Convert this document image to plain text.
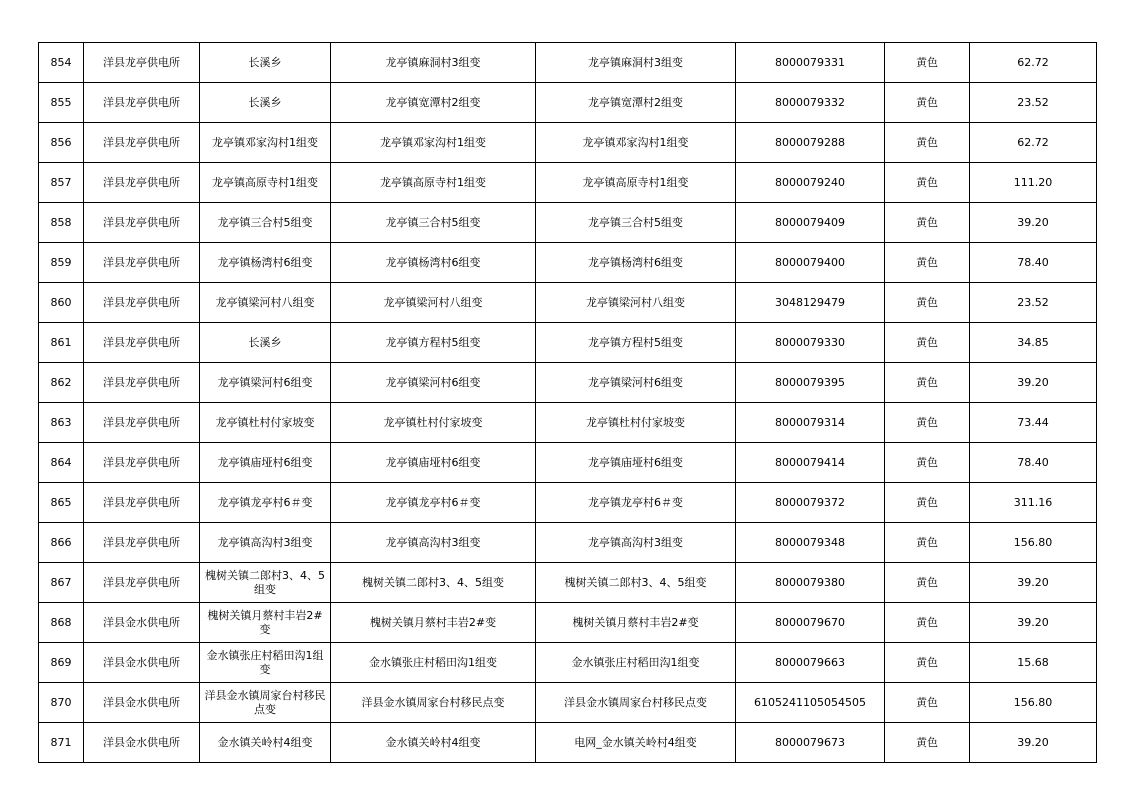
854	洋县龙亭供电所	长溪乡	龙亭镇麻洞村3组变	龙亭镇麻洞村3组变	8000079331	黄色	62.72
855	洋县龙亭供电所	长溪乡	龙亭镇宽潭村2组变	龙亭镇宽潭村2组变	8000079332	黄色	23.52
856	洋县龙亭供电所	龙亭镇邓家沟村1组变	龙亭镇邓家沟村1组变	龙亭镇邓家沟村1组变	8000079288	黄色	62.72
857	洋县龙亭供电所	龙亭镇高原寺村1组变	龙亭镇高原寺村1组变	龙亭镇高原寺村1组变	8000079240	黄色	111.20
858	洋县龙亭供电所	龙亭镇三合村5组变	龙亭镇三合村5组变	龙亭镇三合村5组变	8000079409	黄色	39.20
859	洋县龙亭供电所	龙亭镇杨湾村6组变	龙亭镇杨湾村6组变	龙亭镇杨湾村6组变	8000079400	黄色	78.40
860	洋县龙亭供电所	龙亭镇梁河村八组变	龙亭镇梁河村八组变	龙亭镇梁河村八组变	3048129479	黄色	23.52
861	洋县龙亭供电所	长溪乡	龙亭镇方程村5组变	龙亭镇方程村5组变	8000079330	黄色	34.85
862	洋县龙亭供电所	龙亭镇梁河村6组变	龙亭镇梁河村6组变	龙亭镇梁河村6组变	8000079395	黄色	39.20
863	洋县龙亭供电所	龙亭镇杜村付家坡变	龙亭镇杜村付家坡变	龙亭镇杜村付家坡变	8000079314	黄色	73.44
864	洋县龙亭供电所	龙亭镇庙垭村6组变	龙亭镇庙垭村6组变	龙亭镇庙垭村6组变	8000079414	黄色	78.40
865	洋县龙亭供电所	龙亭镇龙亭村6＃变	龙亭镇龙亭村6＃变	龙亭镇龙亭村6＃变	8000079372	黄色	311.16
866	洋县龙亭供电所	龙亭镇高沟村3组变	龙亭镇高沟村3组变	龙亭镇高沟村3组变	8000079348	黄色	156.80
867	洋县龙亭供电所	槐树关镇二郎村3、4、5组变	槐树关镇二郎村3、4、5组变	槐树关镇二郎村3、4、5组变	8000079380	黄色	39.20
868	洋县金水供电所	槐树关镇月蔡村丰岩2#变	槐树关镇月蔡村丰岩2#变	槐树关镇月蔡村丰岩2#变	8000079670	黄色	39.20
869	洋县金水供电所	金水镇张庄村稻田沟1组变	金水镇张庄村稻田沟1组变	金水镇张庄村稻田沟1组变	8000079663	黄色	15.68
870	洋县金水供电所	洋县金水镇周家台村移民点变	洋县金水镇周家台村移民点变	洋县金水镇周家台村移民点变	6105241105054505	黄色	156.80
871	洋县金水供电所	金水镇关岭村4组变	金水镇关岭村4组变	电网_金水镇关岭村4组变	8000079673	黄色	39.20
